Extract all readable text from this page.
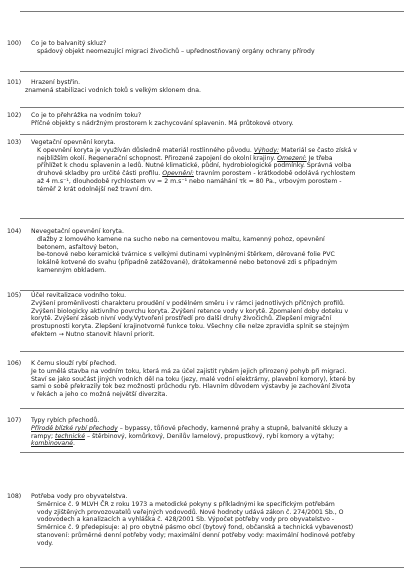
100) Co je to balvanitý skluz?
spádový objekt neomezující migraci živočichů – upřednostňovaný orgány ochrany přírody
101) Hrazení bystřin.
znamená stabilizaci vodních toků s velkým sklonem dna.
102) Co je to přehrážka na vodním toku?
Příčné objekty s nádržným prostorem k zachycování splavenin. Má průtokové otvory.
103) Vegetační opevnění koryta.
K opevnění koryta je využíván důsledně materiál rostlinného původu. Výhody: Materiál se často získá v
nejbližším okolí. Regenerační schopnost. Přirozené zapojení do okolní krajiny. Omezení: Je třeba
přihlížet k chodu splavenin a ledů. Nutné klimatické, půdní, hydrobiologické podmínky. Správná volba
druhové skladby pro určité části profilu. Opevnění: travním porostem - krátkodobě odolává rychlostem
až 4 m.s⁻¹, dlouhodobě rychlostem vv = 2 m.s⁻¹ nebo namáhání τk = 80 Pa., vrbovým porostem -
téměř 2 krát odolnější než travní drn.
104) Nevegetační opevnění koryta.
dlažby z lomového kamene na sucho nebo na cementovou maltu, kamenný pohoz, opevnění
betonem, asfaltový beton,
be-tonové nebo keramické tvárnice s velkými dutinami vyplněnými štěrkem, děrované folie PVC
lokálně kotvené do svahu (případně zatěžované), drátokamenné nebo betonové zdi s případným
kamenným obkladem.
105) Účel revitalizace vodního toku.
Zvýšení proměnlivosti charakteru proudění v podélném směru i v rámci jednotlivých příčných profilů.
Zvýšení biologicky aktivního povrchu koryta. Zvýšení retence vody v korytě. Zpomalení doby doteku v
korytě. Zvýšení zásob nivní vody.Vytvoření prostředí pro další druhy živočichů. Zlepšení migrační
prostupnosti koryta. Zlepšení krajinotvorné funkce toku. Všechny cíle nelze zpravidla splnit se stejným
efektem → Nutno stanovit hlavní priorit.
106) K čemu slouží rybí přechod.
Je to umělá stavba na vodním toku, která má za účel zajistit rybám jejich přirozený pohyb při migraci.
Staví se jako součást jiných vodních děl na toku (jezy, malé vodní elektrárny, plavební komory), které by
sami o sobě překrazily tok bez možnosti průchodu ryb. Hlavním důvodem výstavby je zachování života
v řekách a jeho co možná největší diverzita.
107) Typy rybích přechodů.
Přírodě blízké rybí přechody – bypassy, tůňové přechody, kamenné prahy a stupně, balvanité skluzy a
rampy; technické – štěrbinový, komůrkový, Denilův lamelový, propustkový, rybí komory a výtahy;
kombinované.
108) Potřeba vody pro obyvatelstva.
Směrnice č. 9 MLVH ČR z roku 1973 a metodické pokyny s příkladnými ke specifickým potřebám
vody zjištěných provozovatelů veřejných vodovodů. Nové hodnoty udává zákon č. 274/2001 Sb., O
vodovodech a kanalizacích a vyhláška č. 428/2001 Sb. Výpočet potřeby vody pro obyvatelstvo -
Směrnice č. 9 předepisuje: a) pro obytné pásmo obcí (bytový fond, občanská a technická vybavenost)
stanovení: průměrné denní potřeby vody; maximální denní potřeby vody: maximální hodinové potřeby
vody.
